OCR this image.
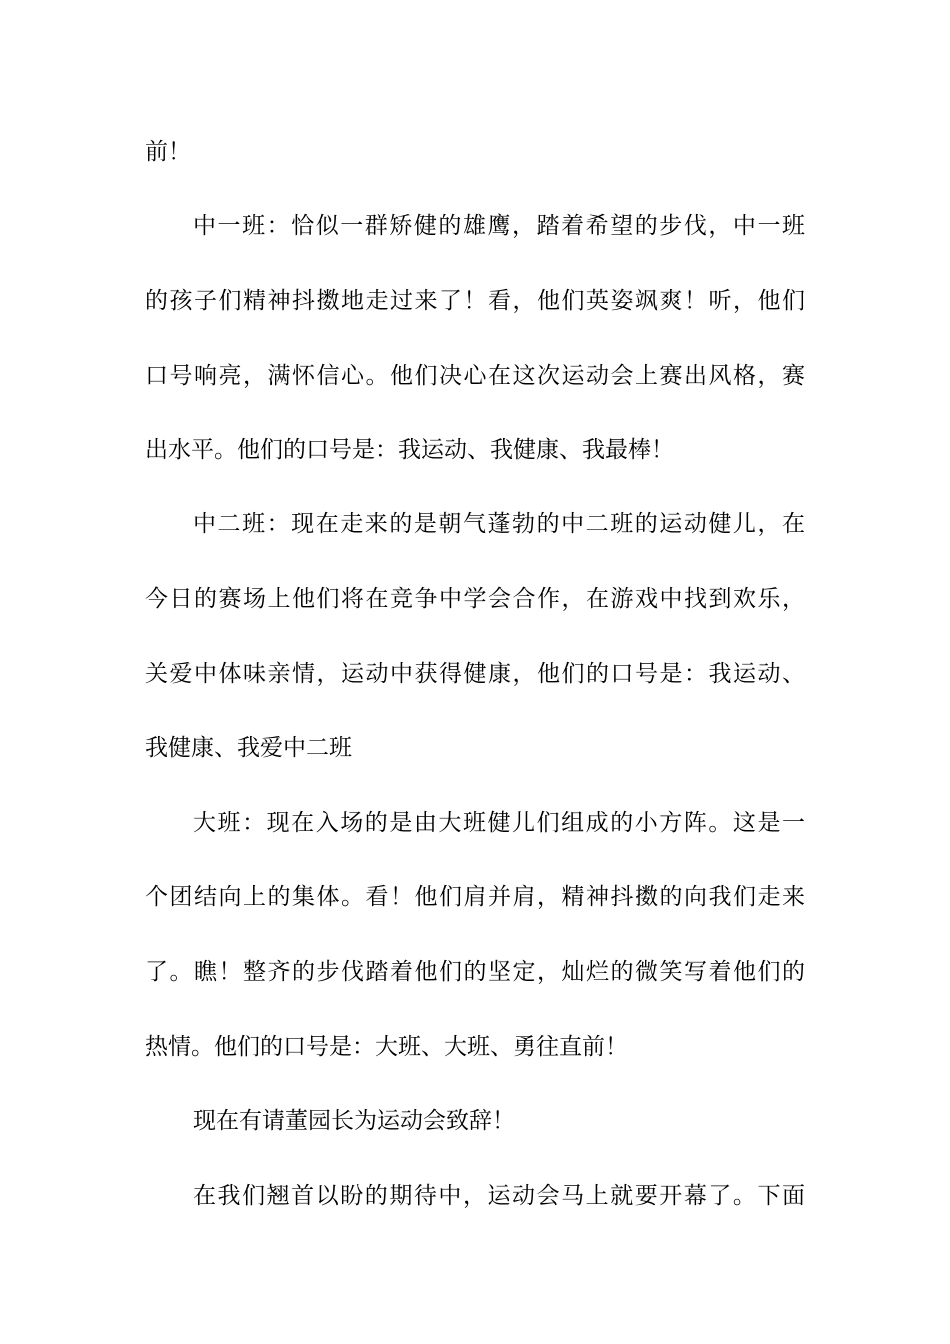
前！
中一班：恰似一群矫健的雄鹰，踏着希望的步伐，中一班
的孩子们精神抖擞地走过来了！看，他们英姿飒爽！听，他们
口号响亮，满怀信心。他们决心在这次运动会上赛出风格，赛
出水平。他们的口号是：我运动、我健康、我最棒！
中二班：现在走来的是朝气蓬勃的中二班的运动健儿，在
今日的赛场上他们将在竞争中学会合作，在游戏中找到欢乐，
关爱中体味亲情，运动中获得健康，他们的口号是：我运动、
我健康、我爱中二班
大班：现在入场的是由大班健儿们组成的小方阵。这是一
个团结向上的集体。看！他们肩并肩，精神抖擞的向我们走来
了。瞧！整齐的步伐踏着他们的坚定，灿烂的微笑写着他们的
热情。他们的口号是：大班、大班、勇往直前！
现在有请董园长为运动会致辞！
在我们翘首以盼的期待中，运动会马上就要开幕了。下面
